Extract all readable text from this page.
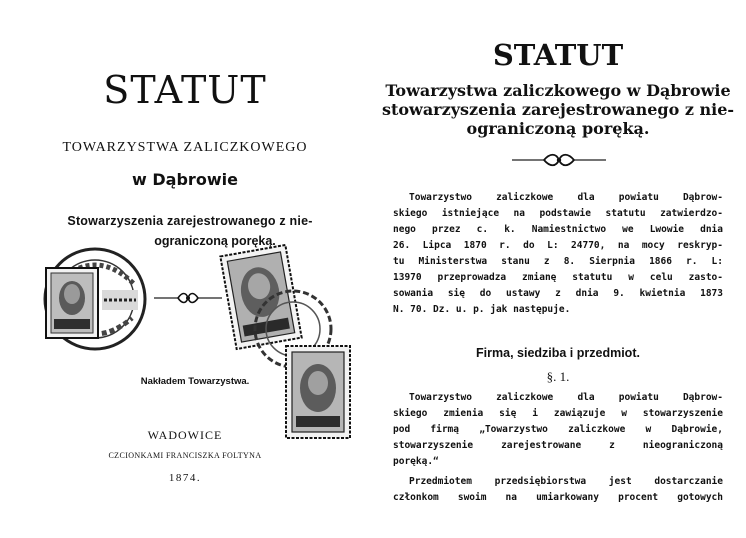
STATUT
TOWARZYSTWA ZALICZKOWEGO
w Dąbrowie
Stowarzyszenia zarejestrowanego z nie-
ograniczoną poręką.
Nakładem Towarzystwa.
WADOWICE
CZCIONKAMI FRANCISZKA FOLTYNA
1874.
STATUT
Towarzystwa zaliczkowego w Dąbrowie
stowarzyszenia zarejestrowanego z nie-
ograniczoną poręką.
Towarzystwo zaliczkowe dla powiatu Dąbrow-
skiego istniejące na podstawie statutu zatwierdzo-
nego przez c. k. Namiestnictwo we Lwowie dnia
26. Lipca 1870 r. do L: 24770, na mocy reskryp-
tu Ministerstwa stanu z 8. Sierpnia 1866 r. L:
13970 przeprowadza zmianę statutu w celu zasto-
sowania się do ustawy z dnia 9. kwietnia 1873
N. 70. Dz. u. p. jak następuje.
Firma, siedziba i przedmiot.
§. 1.
Towarzystwo zaliczkowe dla powiatu Dąbrow-
skiego zmienia się i zawiązuje w stowarzyszenie
pod firmą „Towarzystwo zaliczkowe w Dąbrowie,
stowarzyszenie zarejestrowane z nieograniczoną
poręką.“
Przedmiotem przedsiębiorstwa jest dostarczanie
członkom swoim na umiarkowany procent gotowych
